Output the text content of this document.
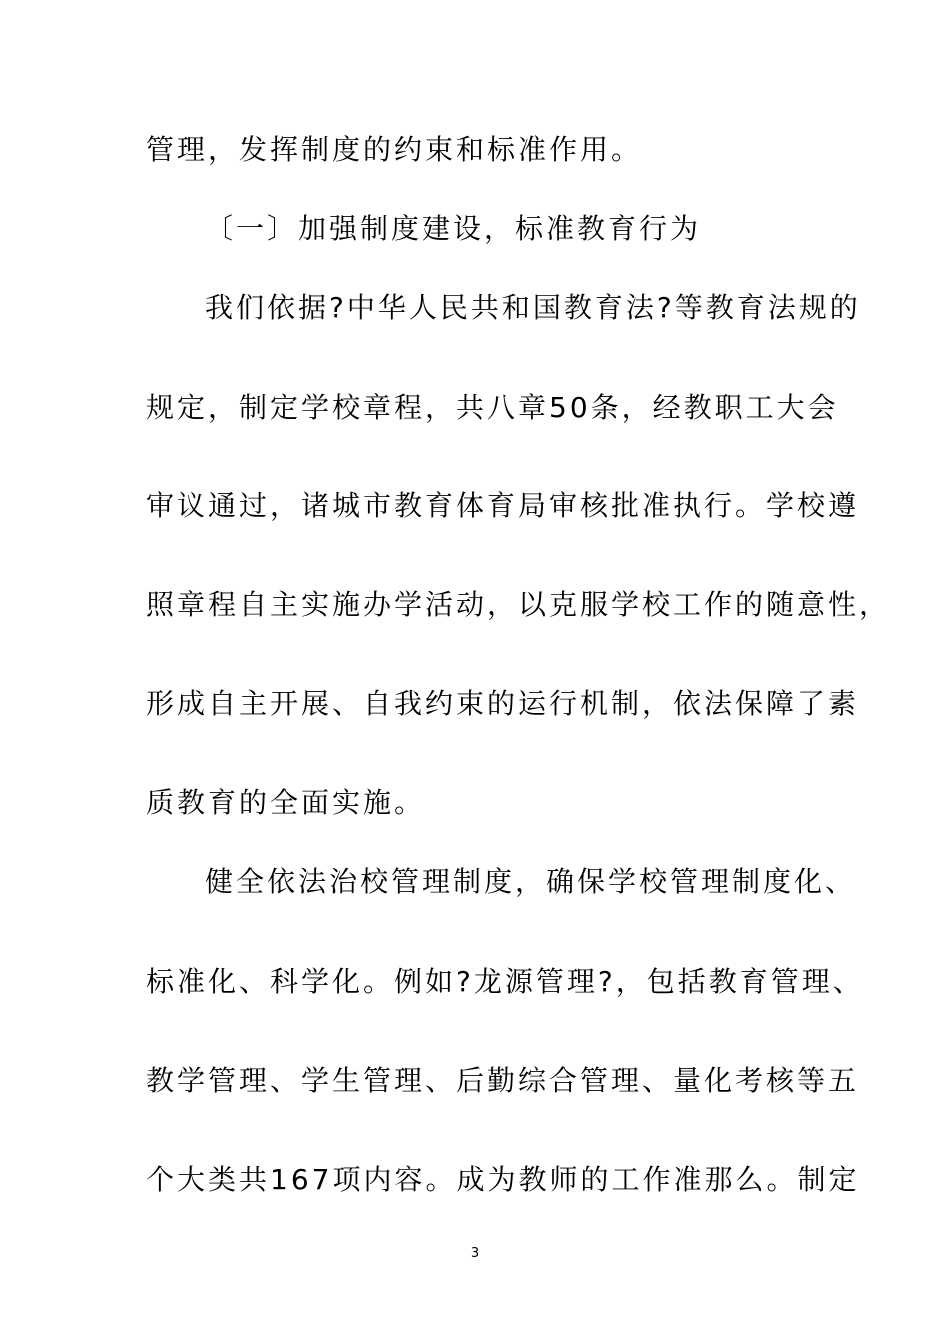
管理，发挥制度的约束和标准作用。
〔一〕加强制度建设，标准教育行为
我们依据?中华人民共和国教育法?等教育法规的
规定，制定学校章程，共八章50条，经教职工大会
审议通过，诸城市教育体育局审核批准执行。学校遵
照章程自主实施办学活动，以克服学校工作的随意性，
形成自主开展、自我约束的运行机制，依法保障了素
质教育的全面实施。
健全依法治校管理制度，确保学校管理制度化、
标准化、科学化。例如?龙源管理?，包括教育管理、
教学管理、学生管理、后勤综合管理、量化考核等五
个大类共167项内容。成为教师的工作准那么。制定
3
